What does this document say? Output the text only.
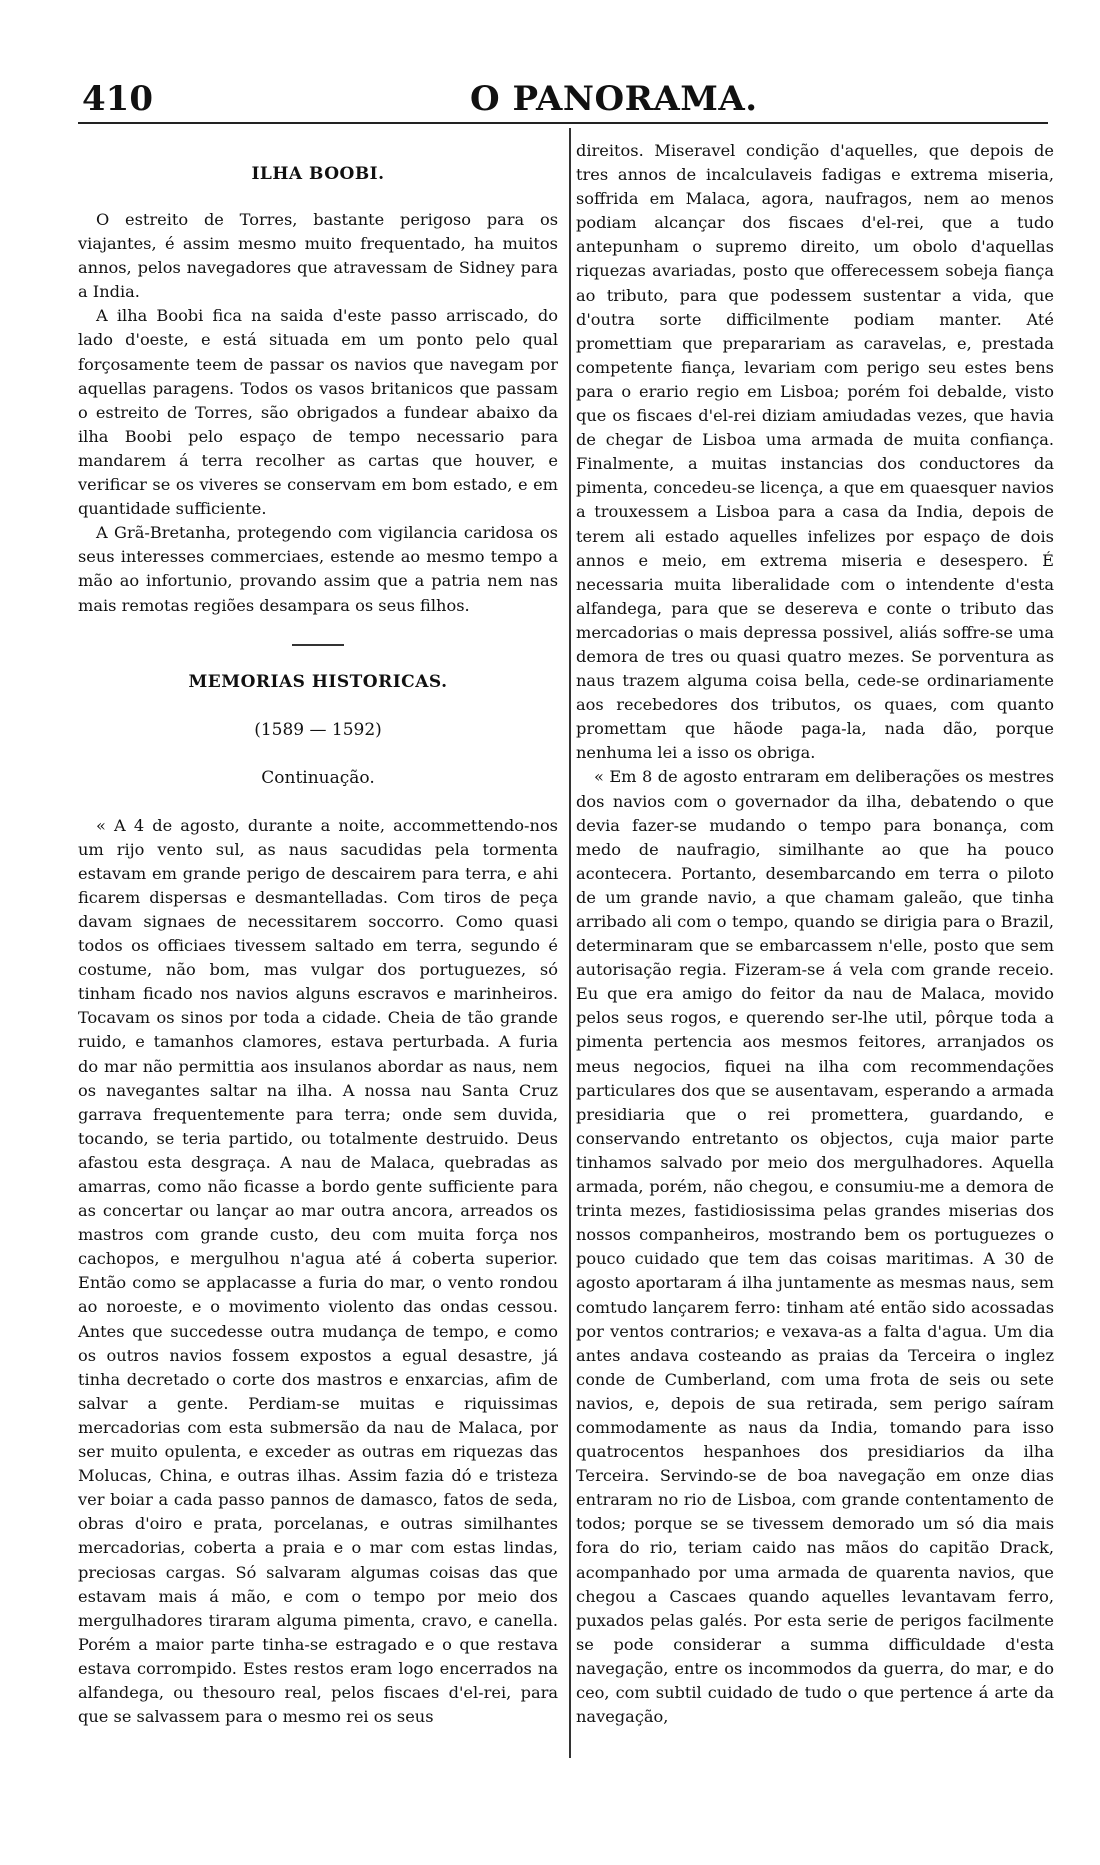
410	O PANORAMA.
ILHA BOOBI.

O estreito de Torres, bastante perigoso para os viajantes, é assim mesmo muito frequentado, ha muitos annos, pelos navegadores que atravessam de Sidney para a India.

A ilha Boobi fica na saida d'este passo arriscado, do lado d'oeste, e está situada em um ponto pelo qual forçosamente teem de passar os navios que navegam por aquellas paragens. Todos os vasos britanicos que passam o estreito de Torres, são obrigados a fundear abaixo da ilha Boobi pelo espaço de tempo necessario para mandarem á terra recolher as cartas que houver, e verificar se os viveres se conservam em bom estado, e em quantidade sufficiente.

A Grã-Bretanha, protegendo com vigilancia caridosa os seus interesses commerciaes, estende ao mesmo tempo a mão ao infortunio, provando assim que a patria nem nas mais remotas regiões desampara os seus filhos.

MEMORIAS HISTORICAS.
(1589 — 1592)
Continuação.

« A 4 de agosto, durante a noite, accommettendo-nos um rijo vento sul, as naus sacudidas pela tormenta estavam em grande perigo de descairem para terra, e ahi ficarem dispersas e desmantelladas. Com tiros de peça davam signaes de necessitarem soccorro. Como quasi todos os officiaes tivessem saltado em terra, segundo é costume, não bom, mas vulgar dos portuguezes, só tinham ficado nos navios alguns escravos e marinheiros. Tocavam os sinos por toda a cidade. Cheia de tão grande ruido, e tamanhos clamores, estava perturbada. A furia do mar não permittia aos insulanos abordar as naus, nem os navegantes saltar na ilha. A nossa nau Santa Cruz garrava frequentemente para terra; onde sem duvida, tocando, se teria partido, ou totalmente destruido. Deus afastou esta desgraça. A nau de Malaca, quebradas as amarras, como não ficasse a bordo gente sufficiente para as concertar ou lançar ao mar outra ancora, arreados os mastros com grande custo, deu com muita força nos cachopos, e mergulhou n'agua até á coberta superior. Então como se applacasse a furia do mar, o vento rondou ao noroeste, e o movimento violento das ondas cessou. Antes que succedesse outra mudança de tempo, e como os outros navios fossem expostos a egual desastre, já tinha decretado o corte dos mastros e enxarcias, afim de salvar a gente. Perdiam-se muitas e riquissimas mercadorias com esta submersão da nau de Malaca, por ser muito opulenta, e exceder as outras em riquezas das Molucas, China, e outras ilhas. Assim fazia dó e tristeza ver boiar a cada passo pannos de damasco, fatos de seda, obras d'oiro e prata, porcelanas, e outras similhantes mercadorias, coberta a praia e o mar com estas lindas, preciosas cargas. Só salvaram algumas coisas das que estavam mais á mão, e com o tempo por meio dos mergulhadores tiraram alguma pimenta, cravo, e canella. Porém a maior parte tinha-se estragado e o que restava estava corrompido. Estes restos eram logo encerrados na alfandega, ou thesouro real, pelos fiscaes d'el-rei, para que se salvassem para o mesmo rei os seus

direitos. Miseravel condição d'aquelles, que depois de tres annos de incalculaveis fadigas e extrema miseria, soffrida em Malaca, agora, naufragos, nem ao menos podiam alcançar dos fiscaes d'el-rei, que a tudo antepunham o supremo direito, um obolo d'aquellas riquezas avariadas, posto que offerecessem sobeja fiança ao tributo, para que podessem sustentar a vida, que d'outra sorte difficilmente podiam manter. Até promettiam que preparariam as caravelas, e, prestada competente fiança, levariam com perigo seu estes bens para o erario regio em Lisboa; porém foi debalde, visto que os fiscaes d'el-rei diziam amiudadas vezes, que havia de chegar de Lisboa uma armada de muita confiança. Finalmente, a muitas instancias dos conductores da pimenta, concedeu-se licença, a que em quaesquer navios a trouxessem a Lisboa para a casa da India, depois de terem ali estado aquelles infelizes por espaço de dois annos e meio, em extrema miseria e desespero. É necessaria muita liberalidade com o intendente d'esta alfandega, para que se deserevа e conte o tributo das mercadorias o mais depressa possivel, aliás soffre-se uma demora de tres ou quasi quatro mezes. Se porventura as naus trazem alguma coisa bella, cede-se ordinariamente aos recebedores dos tributos, os quaes, com quanto promettam que hãode paga-la, nada dão, porque nenhuma lei a isso os obriga.

« Em 8 de agosto entraram em deliberações os mestres dos navios com o governador da ilha, debatendo o que devia fazer-se mudando o tempo para bonança, com medo de naufragio, similhante ao que ha pouco acontecera. Portanto, desembarcando em terra o piloto de um grande navio, a que chamam galeão, que tinha arribado ali com o tempo, quando se dirigia para o Brazil, determinaram que se embarcassem n'elle, posto que sem autorisação regia. Fizeram-se á vela com grande receio. Eu que era amigo do feitor da nau de Malaca, movido pelos seus rogos, e querendo ser-lhe util, pôrque toda a pimenta pertencia aos mesmos feitores, arranjados os meus negocios, fiquei na ilha com recommendações particulares dos que se ausentavam, esperando a armada presidiaria que o rei promettera, guardando, e conservando entretanto os objectos, cuja maior parte tinhamos salvado por meio dos mergulhadores. Aquella armada, porém, não chegou, e consumiu-me a demora de trinta mezes, fastidiosissima pelas grandes miserias dos nossos companheiros, mostrando bem os portuguezes o pouco cuidado que tem das coisas maritimas. A 30 de agosto aportaram á ilha juntamente as mesmas naus, sem comtudo lançarem ferro: tinham até então sido acossadas por ventos contrarios; e vexava-as a falta d'agua. Um dia antes andava costeando as praias da Terceira o inglez conde de Cumberland, com uma frota de seis ou sete navios, e, depois de sua retirada, sem perigo saíram commodamente as naus da India, tomando para isso quatrocentos hespanhoes dos presidiarios da ilha Terceira. Servindo-se de boa navegação em onze dias entraram no rio de Lisboa, com grande contentamento de todos; porque se se tivessem demorado um só dia mais fora do rio, teriam caido nas mãos do capitão Drack, acompanhado por uma armada de quarenta navios, que chegou a Cascaes quando aquelles levantavam ferro, puxados pelas galés. Por esta serie de perigos facilmente se pode considerar a summa difficuldade d'esta navegação, entre os incommodos da guerra, do mar, e do ceo, com subtil cuidado de tudo o que pertence á arte da navegação,
